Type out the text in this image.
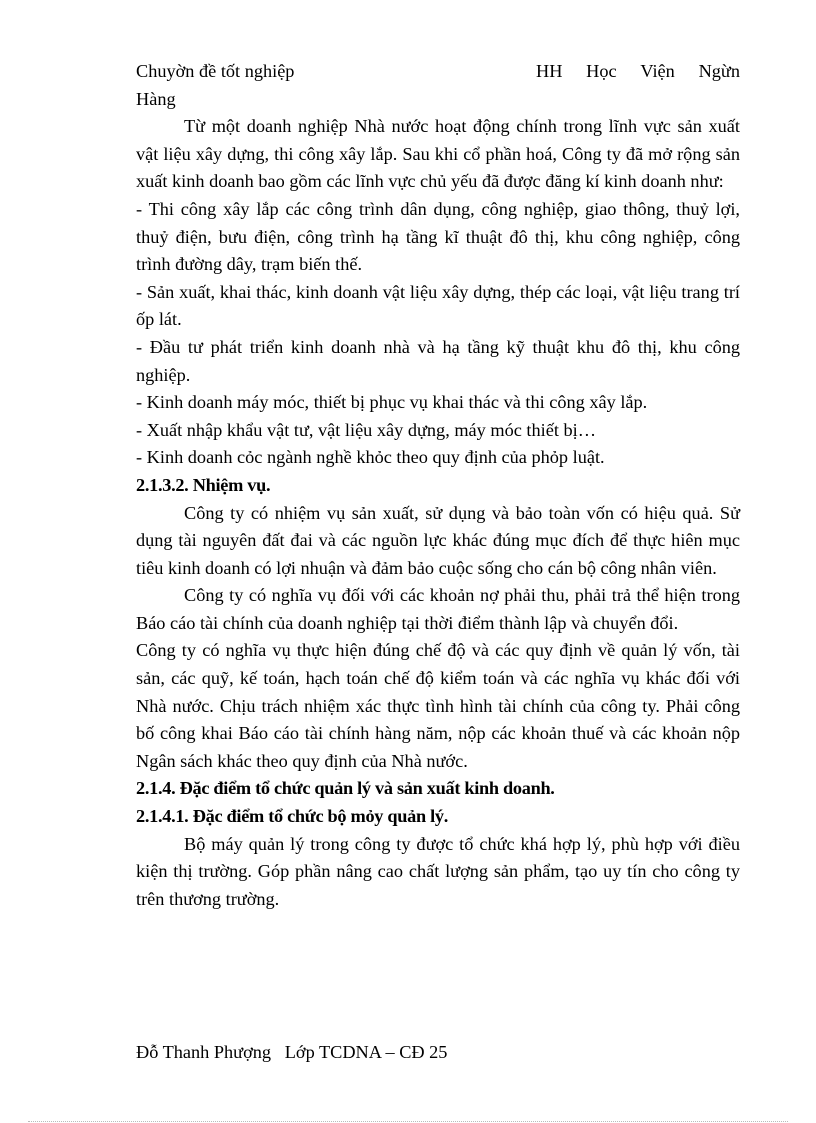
Chuyờn đề tốt nghiệp	HH Học Viện Ngừn

Hàng

Từ một doanh nghiệp Nhà nước hoạt động chính trong lĩnh vực sản xuất vật liệu xây dựng, thi công xây lắp. Sau khi cổ phần hoá, Công ty đã mở rộng sản xuất kinh doanh bao gồm các lĩnh vực chủ yếu đã được đăng kí kinh doanh như:

- Thi công xây lắp các công trình dân dụng, công nghiệp, giao thông, thuỷ lợi, thuỷ điện, bưu điện, công trình hạ tầng kĩ thuật đô thị, khu công nghiệp, công trình đường dây, trạm biến thế.

- Sản xuất, khai thác, kinh doanh vật liệu xây dựng, thép các loại, vật liệu trang trí ốp lát.

- Đầu tư phát triển kinh doanh nhà và hạ tầng kỹ thuật khu đô thị, khu công nghiệp.

- Kinh doanh máy móc, thiết bị phục vụ khai thác và thi công xây lắp.

- Xuất nhập khẩu vật tư, vật liệu xây dựng, máy móc thiết bị…

- Kinh doanh cỏc ngành nghề khỏc theo quy định của phỏp luật.

2.1.3.2. Nhiệm vụ.

Công ty có nhiệm vụ sản xuất, sử dụng và bảo toàn vốn có hiệu quả. Sử dụng tài nguyên đất đai và các nguồn lực khác đúng mục đích để thực hiên mục tiêu kinh doanh có lợi nhuận và đảm bảo cuộc sống cho cán bộ công nhân viên.

Công ty có nghĩa vụ đối với các khoản nợ phải thu, phải trả thể hiện trong Báo cáo tài chính của doanh nghiệp tại thời điểm thành lập và chuyển đổi.

Công ty có nghĩa vụ thực hiện đúng chế độ và các quy định về quản lý vốn, tài sản, các quỹ, kế toán, hạch toán chế độ kiểm toán và các nghĩa vụ khác đối với Nhà nước. Chịu trách nhiệm xác thực tình hình tài chính của công ty. Phải công bố công khai Báo cáo tài chính hàng năm, nộp các khoản thuế và các khoản nộp Ngân sách khác theo quy định của Nhà nước.

2.1.4. Đặc điểm tổ chức quản lý và sản xuất kinh doanh.

2.1.4.1. Đặc điểm tổ chức bộ mỏy quản lý.

Bộ máy quản lý trong công ty được tổ chức khá hợp lý, phù hợp với điều kiện thị trường. Góp phần nâng cao chất lượng sản phẩm, tạo uy tín cho công ty trên thương trường.

Đỗ Thanh Phượng Lớp TCDNA – CĐ 25
